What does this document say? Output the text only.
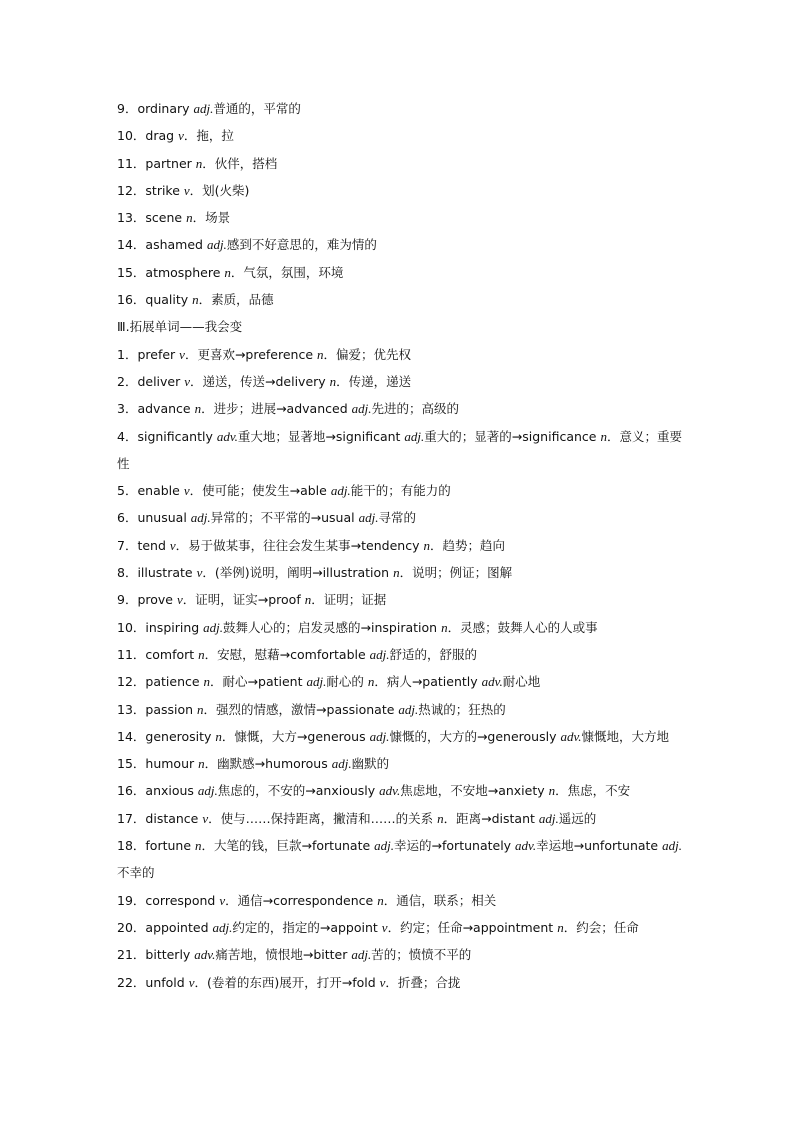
9．ordinary adj.普通的，平常的
10．drag v．拖，拉
11．partner n．伙伴，搭档
12．strike v．划(火柴)
13．scene n．场景
14．ashamed adj.感到不好意思的，难为情的
15．atmosphere n．气氛，氛围，环境
16．quality n．素质，品德
Ⅲ.拓展单词——我会变
1．prefer v．更喜欢→preference n．偏爱；优先权
2．deliver v．递送，传送→delivery n．传递，递送
3．advance n．进步；进展→advanced adj.先进的；高级的
4．significantly adv.重大地；显著地→significant adj.重大的；显著的→significance n．意义；重要性
5．enable v．使可能；使发生→able adj.能干的；有能力的
6．unusual adj.异常的；不平常的→usual adj.寻常的
7．tend v．易于做某事，往往会发生某事→tendency n．趋势；趋向
8．illustrate v．(举例)说明，阐明→illustration n．说明；例证；图解
9．prove v．证明，证实→proof n．证明；证据
10．inspiring adj.鼓舞人心的；启发灵感的→inspiration n．灵感；鼓舞人心的人或事
11．comfort n．安慰，慰藉→comfortable adj.舒适的，舒服的
12．patience n．耐心→patient adj.耐心的 n．病人→patiently adv.耐心地
13．passion n．强烈的情感，激情→passionate adj.热诚的；狂热的
14．generosity n．慷慨，大方→generous adj.慷慨的，大方的→generously adv.慷慨地，大方地
15．humour n．幽默感→humorous adj.幽默的
16．anxious adj.焦虑的，不安的→anxiously adv.焦虑地，不安地→anxiety n．焦虑，不安
17．distance v．使与……保持距离，撇清和……的关系 n．距离→distant adj.遥远的
18．fortune n．大笔的钱，巨款→fortunate adj.幸运的→fortunately adv.幸运地→unfortunate adj.不幸的
19．correspond v．通信→correspondence n．通信，联系；相关
20．appointed adj.约定的，指定的→appoint v．约定；任命→appointment n．约会；任命
21．bitterly adv.痛苦地，愤恨地→bitter adj.苦的；愤愤不平的
22．unfold v．(卷着的东西)展开，打开→fold v．折叠；合拢
